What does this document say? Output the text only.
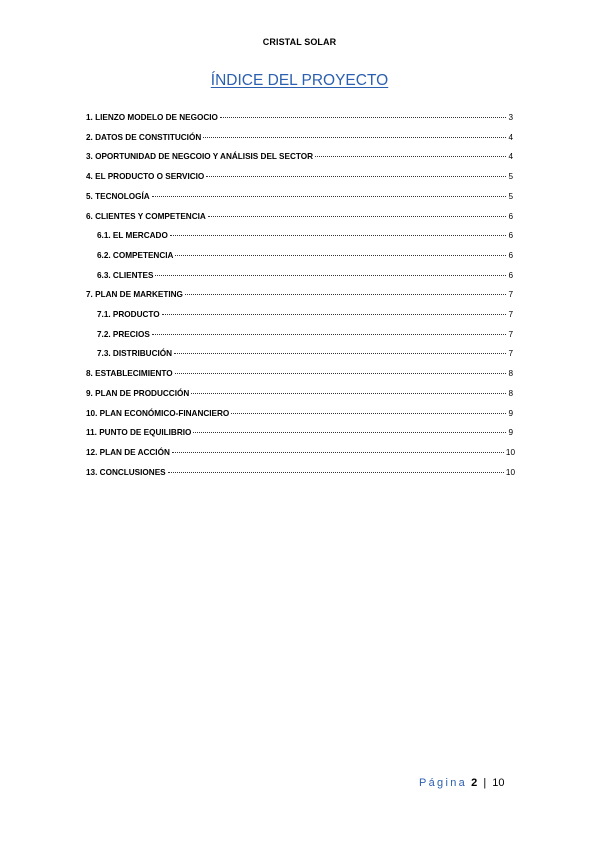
CRISTAL SOLAR
ÍNDICE DEL PROYECTO
1. LIENZO MODELO DE NEGOCIO	3
2. DATOS DE CONSTITUCIÓN	4
3. OPORTUNIDAD DE NEGCOIO Y ANÁLISIS DEL SECTOR	4
4. EL PRODUCTO O SERVICIO	5
5. TECNOLOGÍA	5
6. CLIENTES Y COMPETENCIA	6
6.1. EL MERCADO	6
6.2. COMPETENCIA	6
6.3. CLIENTES	6
7. PLAN DE MARKETING	7
7.1. PRODUCTO	7
7.2. PRECIOS	7
7.3. DISTRIBUCIÓN	7
8. ESTABLECIMIENTO	8
9. PLAN DE PRODUCCIÓN	8
10. PLAN ECONÓMICO-FINANCIERO	9
11. PUNTO DE EQUILIBRIO	9
12. PLAN DE ACCIÓN	10
13. CONCLUSIONES	10
Página 2 | 10
